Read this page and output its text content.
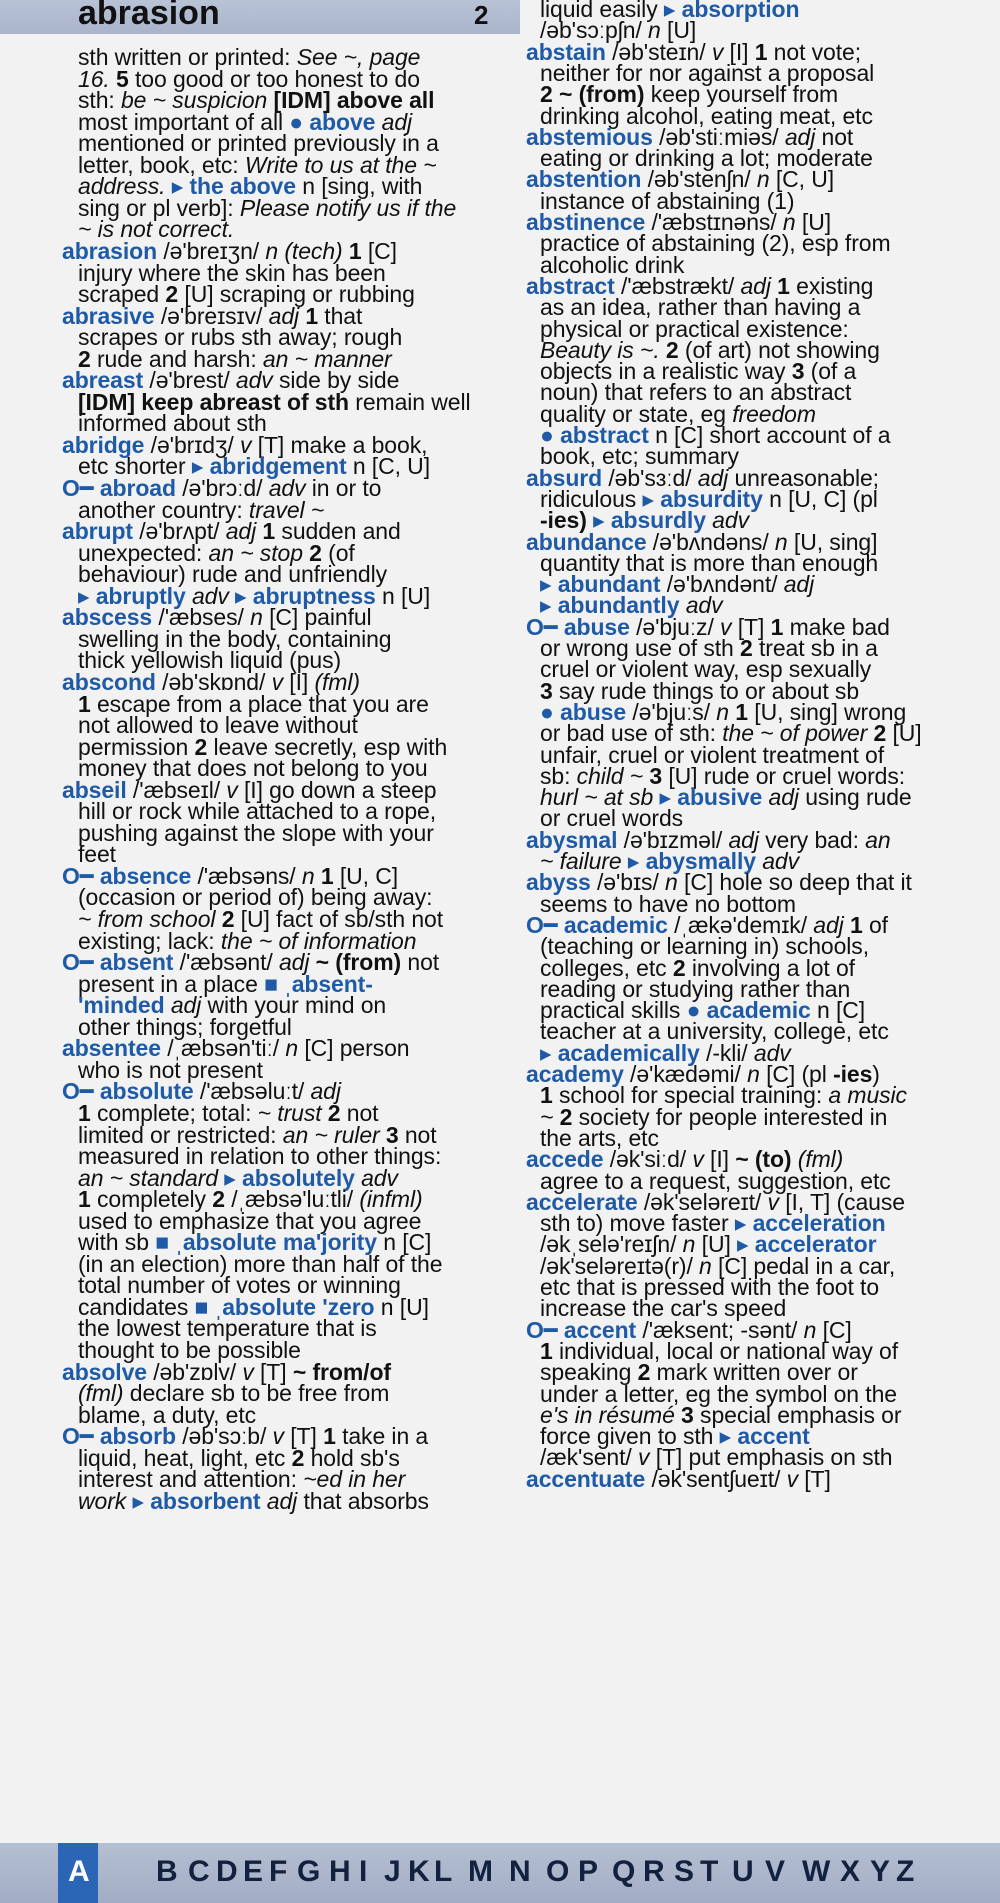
abrasion	2
sth written or printed: See ~, page
16. 5 too good or too honest to do
sth: be ~ suspicion [IDM] above all
most important of all ● above adj
mentioned or printed previously in a
letter, book, etc: Write to us at the ~
address. ▸ the above n [sing, with
sing or pl verb]: Please notify us if the
~ is not correct.
abrasion /ə'breɪʒn/ n (tech) 1 [C]
injury where the skin has been
scraped 2 [U] scraping or rubbing
abrasive /ə'breɪsɪv/ adj 1 that
scrapes or rubs sth away; rough
2 rude and harsh: an ~ manner
abreast /ə'brest/ adv side by side
[IDM] keep abreast of sth remain well
informed about sth
abridge /ə'brɪdʒ/ v [T] make a book,
etc shorter ▸ abridgement n [C, U]
O━ abroad /ə'brɔːd/ adv in or to
another country: travel ~
abrupt /ə'brʌpt/ adj 1 sudden and
unexpected: an ~ stop 2 (of
behaviour) rude and unfriendly
▸ abruptly adv ▸ abruptness n [U]
abscess /'æbses/ n [C] painful
swelling in the body, containing
thick yellowish liquid (pus)
abscond /əb'skɒnd/ v [I] (fml)
1 escape from a place that you are
not allowed to leave without
permission 2 leave secretly, esp with
money that does not belong to you
abseil /'æbseɪl/ v [I] go down a steep
hill or rock while attached to a rope,
pushing against the slope with your
feet
O━ absence /'æbsəns/ n 1 [U, C]
(occasion or period of) being away:
~ from school 2 [U] fact of sb/sth not
existing; lack: the ~ of information
O━ absent /'æbsənt/ adj ~ (from) not
present in a place ■ ˌabsent-
'minded adj with your mind on
other things; forgetful
absentee /ˌæbsən'tiː/ n [C] person
who is not present
O━ absolute /'æbsəluːt/ adj
1 complete; total: ~ trust 2 not
limited or restricted: an ~ ruler 3 not
measured in relation to other things:
an ~ standard ▸ absolutely adv
1 completely 2 /ˌæbsə'luːtli/ (infml)
used to emphasize that you agree
with sb ■ ˌabsolute ma'jority n [C]
(in an election) more than half of the
total number of votes or winning
candidates ■ ˌabsolute 'zero n [U]
the lowest temperature that is
thought to be possible
absolve /əb'zɒlv/ v [T] ~ from/of
(fml) declare sb to be free from
blame, a duty, etc
O━ absorb /əb'sɔːb/ v [T] 1 take in a
liquid, heat, light, etc 2 hold sb's
interest and attention: ~ed in her
work ▸ absorbent adj that absorbs
liquid easily ▸ absorption
/əb'sɔːpʃn/ n [U]
abstain /əb'steɪn/ v [I] 1 not vote;
neither for nor against a proposal
2 ~ (from) keep yourself from
drinking alcohol, eating meat, etc
abstemious /əb'stiːmiəs/ adj not
eating or drinking a lot; moderate
abstention /əb'stenʃn/ n [C, U]
instance of abstaining (1)
abstinence /'æbstɪnəns/ n [U]
practice of abstaining (2), esp from
alcoholic drink
abstract /'æbstrækt/ adj 1 existing
as an idea, rather than having a
physical or practical existence:
Beauty is ~. 2 (of art) not showing
objects in a realistic way 3 (of a
noun) that refers to an abstract
quality or state, eg freedom
● abstract n [C] short account of a
book, etc; summary
absurd /əb'sɜːd/ adj unreasonable;
ridiculous ▸ absurdity n [U, C] (pl
-ies) ▸ absurdly adv
abundance /ə'bʌndəns/ n [U, sing]
quantity that is more than enough
▸ abundant /ə'bʌndənt/ adj
▸ abundantly adv
O━ abuse /ə'bjuːz/ v [T] 1 make bad
or wrong use of sth 2 treat sb in a
cruel or violent way, esp sexually
3 say rude things to or about sb
● abuse /ə'bjuːs/ n 1 [U, sing] wrong
or bad use of sth: the ~ of power 2 [U]
unfair, cruel or violent treatment of
sb: child ~ 3 [U] rude or cruel words:
hurl ~ at sb ▸ abusive adj using rude
or cruel words
abysmal /ə'bɪzməl/ adj very bad: an
~ failure ▸ abysmally adv
abyss /ə'bɪs/ n [C] hole so deep that it
seems to have no bottom
O━ academic /ˌækə'demɪk/ adj 1 of
(teaching or learning in) schools,
colleges, etc 2 involving a lot of
reading or studying rather than
practical skills ● academic n [C]
teacher at a university, college, etc
▸ academically /-kli/ adv
academy /ə'kædəmi/ n [C] (pl -ies)
1 school for special training: a music
~ 2 society for people interested in
the arts, etc
accede /ək'siːd/ v [I] ~ (to) (fml)
agree to a request, suggestion, etc
accelerate /ək'seləreɪt/ v [I, T] (cause
sth to) move faster ▸ acceleration
/əkˌselə'reɪʃn/ n [U] ▸ accelerator
/ək'seləreɪtə(r)/ n [C] pedal in a car,
etc that is pressed with the foot to
increase the car's speed
O━ accent /'æksent; -sənt/ n [C]
1 individual, local or national way of
speaking 2 mark written over or
under a letter, eg the symbol on the
e's in résumé 3 special emphasis or
force given to sth ▸ accent
/æk'sent/ v [T] put emphasis on sth
accentuate /ək'sentʃueɪt/ v [T]
A B C D E F G H I J K L M N O P Q R S T U V W X Y Z
